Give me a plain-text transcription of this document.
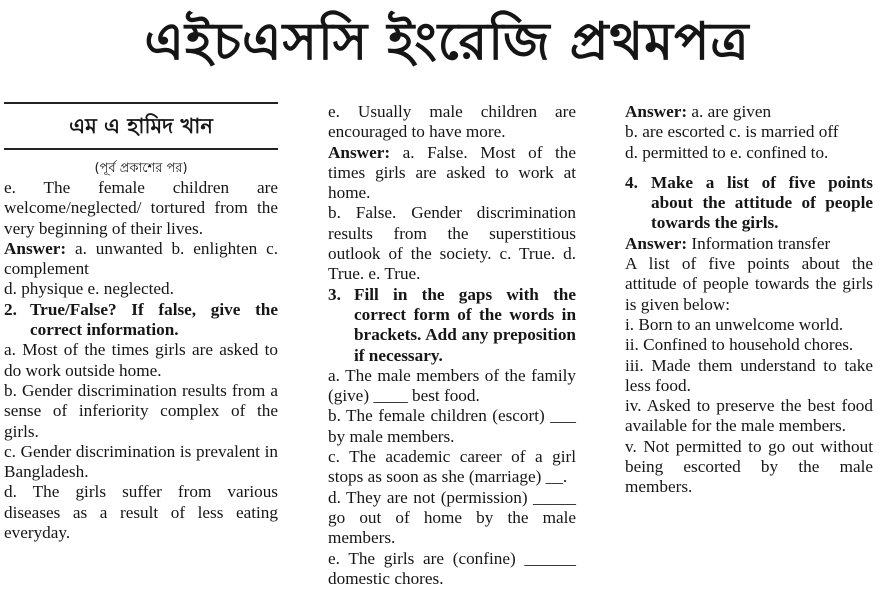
এইচএসসি ইংরেজি প্রথমপত্র
এম এ হামিদ খান

(পূর্ব প্রকাশের পর)

e. The female children are welcome/neglected/ tortured from the very beginning of their lives.

Answer: a. unwanted b. enlighten c. complement

d. physique e. neglected.

2. True/False? If false, give the correct information.

a. Most of the times girls are asked to do work outside home.

b. Gender discrimination results from a sense of inferiority complex of the girls.

c. Gender discrimination is prevalent in Bangladesh.

d. The girls suffer from various diseases as a result of less eating everyday.

e. Usually male children are encouraged to have more.

Answer: a. False. Most of the times girls are asked to work at home.

b. False. Gender discrimination results from the superstitious outlook of the society. c. True. d. True. e. True.

3. Fill in the gaps with the correct form of the words in brackets. Add any preposition if necessary.

a. The male members of the family (give) ____ best food.

b. The female children (escort) ___ by male members.

c. The academic career of a girl stops as soon as she (marriage) __.

d. They are not (permission) _____ go out of home by the male members.

e. The girls are (confine) ______ domestic chores.

Answer: a. are given

b. are escorted c. is married off

d. permitted to e. confined to.

4. Make a list of five points about the attitude of people towards the girls.

Answer: Information transfer

A list of five points about the attitude of people towards the girls is given below:

i. Born to an unwelcome world.

ii. Confined to household chores.

iii. Made them understand to take less food.

iv. Asked to preserve the best food available for the male members.

v. Not permitted to go out without being escorted by the male members.
